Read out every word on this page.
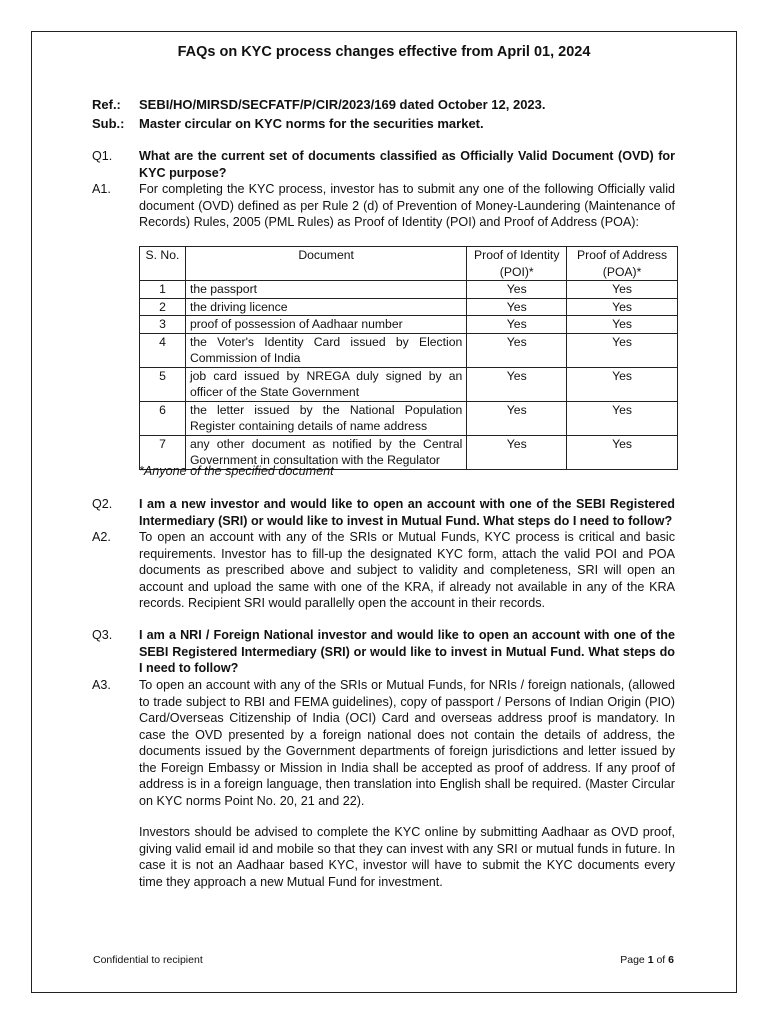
FAQs on KYC process changes effective from April 01, 2024
Ref.: SEBI/HO/MIRSD/SECFATF/P/CIR/2023/169 dated October 12, 2023.
Sub.: Master circular on KYC norms for the securities market.
Q1.	What are the current set of documents classified as Officially Valid Document (OVD) for KYC purpose?
A1.	For completing the KYC process, investor has to submit any one of the following Officially valid document (OVD) defined as per Rule 2 (d) of Prevention of Money-Laundering (Maintenance of Records) Rules, 2005 (PML Rules) as Proof of Identity (POI) and Proof of Address (POA):
S. No.	Document	Proof of Identity (POI)*	Proof of Address (POA)*
1	the passport	Yes	Yes
2	the driving licence	Yes	Yes
3	proof of possession of Aadhaar number	Yes	Yes
4	the Voter's Identity Card issued by Election Commission of India	Yes	Yes
5	job card issued by NREGA duly signed by an officer of the State Government	Yes	Yes
6	the letter issued by the National Population Register containing details of name address	Yes	Yes
7	any other document as notified by the Central Government in consultation with the Regulator	Yes	Yes
*Anyone of the specified document
Q2.	I am a new investor and would like to open an account with one of the SEBI Registered Intermediary (SRI) or would like to invest in Mutual Fund. What steps do I need to follow?
A2.	To open an account with any of the SRIs or Mutual Funds, KYC process is critical and basic requirements. Investor has to fill-up the designated KYC form, attach the valid POI and POA documents as prescribed above and subject to validity and completeness, SRI will open an account and upload the same with one of the KRA, if already not available in any of the KRA records. Recipient SRI would parallelly open the account in their records.
Q3.	I am a NRI / Foreign National investor and would like to open an account with one of the SEBI Registered Intermediary (SRI) or would like to invest in Mutual Fund. What steps do I need to follow?
A3.	To open an account with any of the SRIs or Mutual Funds, for NRIs / foreign nationals, (allowed to trade subject to RBI and FEMA guidelines), copy of passport / Persons of Indian Origin (PIO) Card/Overseas Citizenship of India (OCI) Card and overseas address proof is mandatory. In case the OVD presented by a foreign national does not contain the details of address, the documents issued by the Government departments of foreign jurisdictions and letter issued by the Foreign Embassy or Mission in India shall be accepted as proof of address. If any proof of address is in a foreign language, then translation into English shall be required. (Master Circular on KYC norms Point No. 20, 21 and 22).
Investors should be advised to complete the KYC online by submitting Aadhaar as OVD proof, giving valid email id and mobile so that they can invest with any SRI or mutual funds in future. In case it is not an Aadhaar based KYC, investor will have to submit the KYC documents every time they approach a new Mutual Fund for investment.
Confidential to recipient	Page 1 of 6
